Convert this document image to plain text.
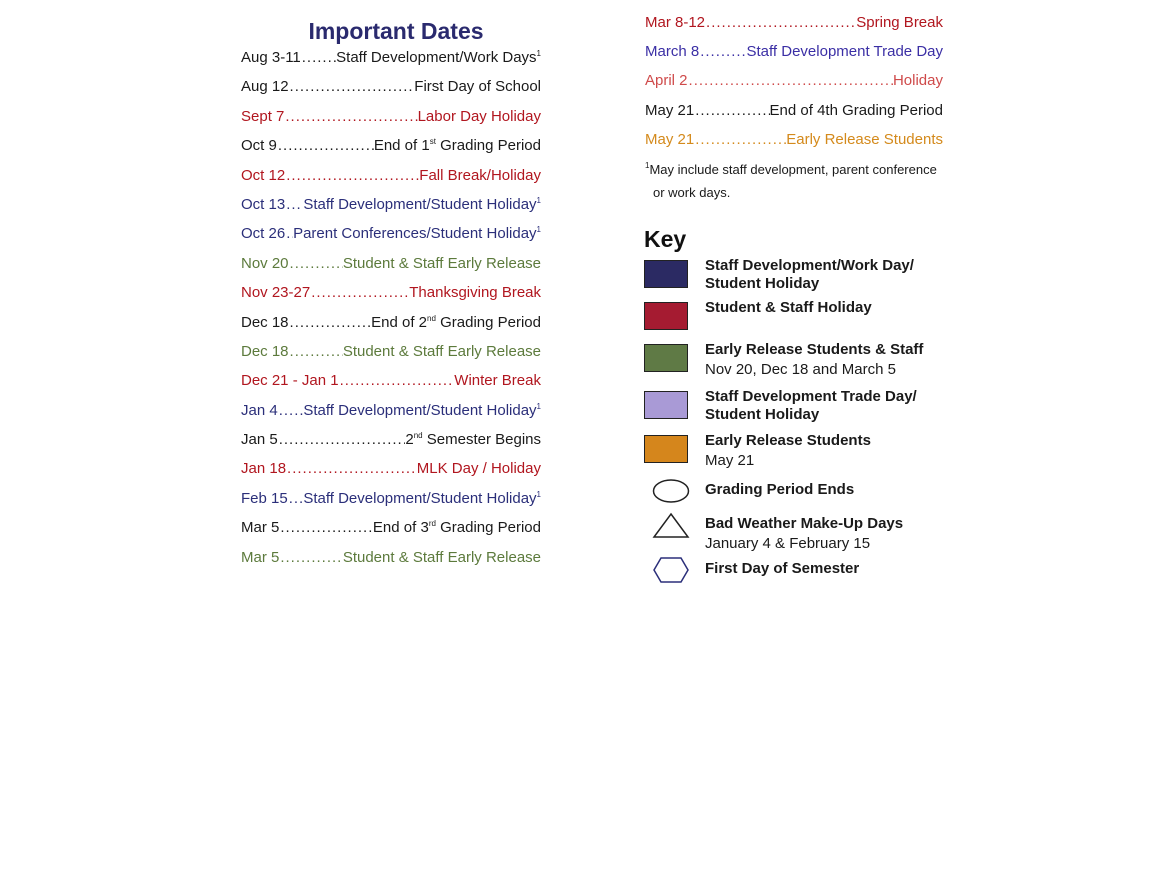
Important Dates
Aug 3-11 ..... Staff Development/Work Days$^1$
Aug 12 .....	First Day of School
Sept 7 .....	Labor Day Holiday
Oct 9 .....	End of 1st Grading Period
Oct 12 .....	Fall Break/Holiday
Oct 13 ..... Staff Development/Student Holiday$^1$
Oct 26 ..... Parent Conferences/Student Holiday$^1$
Nov 20 .....	Student & Staff Early Release
Nov 23-27 .....	Thanksgiving Break
Dec 18 .....	End of 2nd Grading Period
Dec 18 .....	Student & Staff Early Release
Dec 21 - Jan 1 .....	Winter Break
Jan 4 ..... Staff Development/Student Holiday$^1$
Jan 5 .....	2nd Semester Begins
Jan 18 .....	MLK Day / Holiday
Feb 15 ..... Staff Development/Student Holiday$^1$
Mar 5 .....	End of 3rd Grading Period
Mar 5 .....	Student & Staff Early Release
Mar 8-12 .....	Spring Break
March 8 .....	Staff Development Trade Day
April 2 .....	Holiday
May 21 .....	End of 4th Grading Period
May 21 .....	Early Release Students
$^1$May include staff development, parent conference
or work days.
Key
Staff Development/Work Day/
Student Holiday
Student & Staff Holiday
Early Release Students & Staff
Nov 20, Dec 18 and March 5
Staff Development Trade Day/
Student Holiday
Early Release Students
May 21
Grading Period Ends
Bad Weather Make-Up Days
January 4 & February 15
First Day of Semester
